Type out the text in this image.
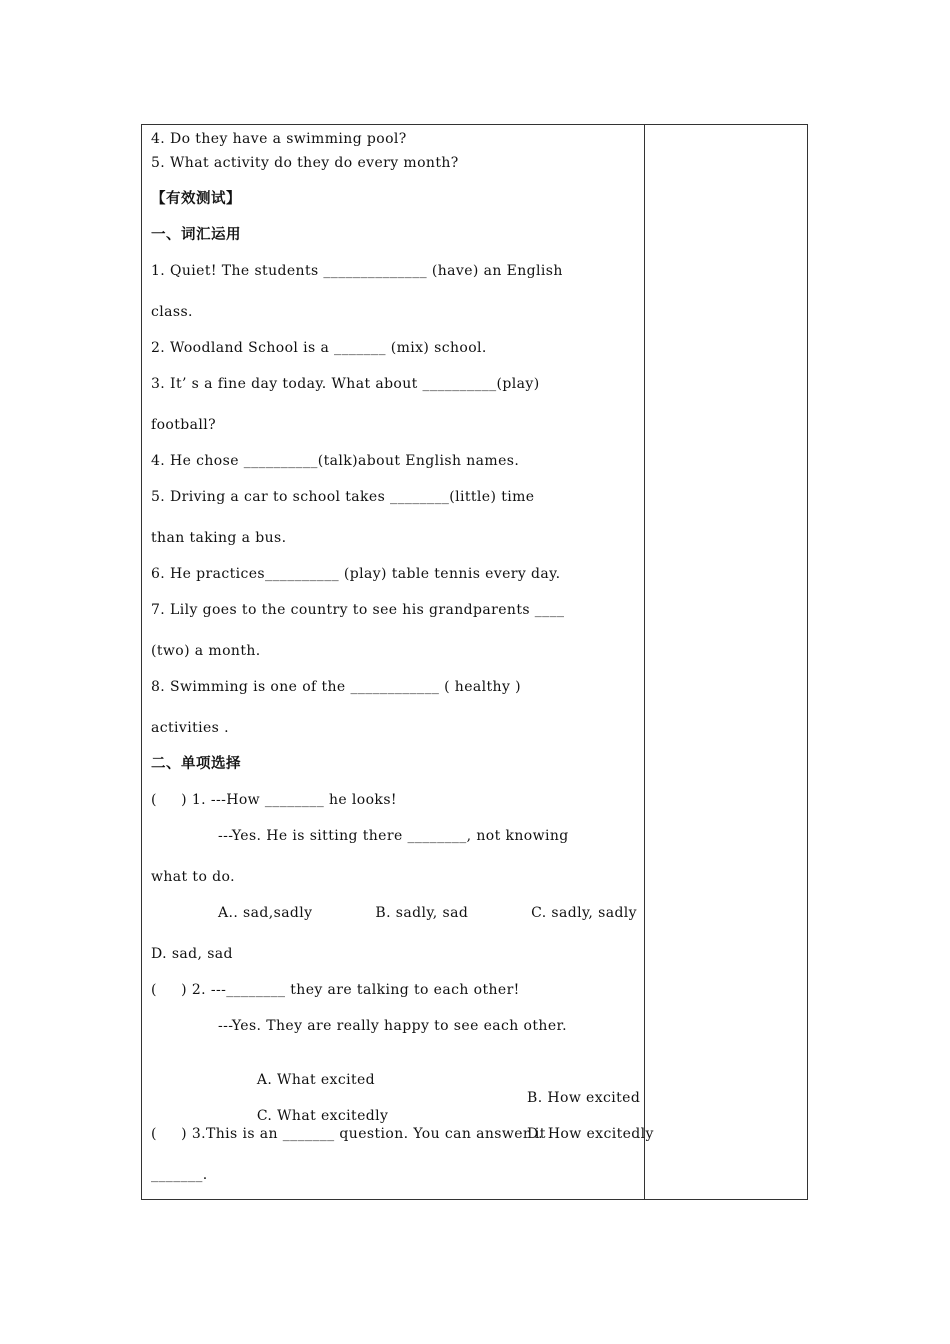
4. Do they have a swimming pool?
5. What activity do they do every month?
【有效测试】
一、词汇运用
1. Quiet! The students ______________ (have) an English
class.
2. Woodland School is a _______ (mix) school.
3. It’ s a fine day today. What about __________(play)
football?
4. He chose __________(talk)about English names.
5. Driving a car to school takes ________(little) time
than taking a bus.
6. He practices__________ (play) table tennis every day.
7. Lily goes to the country to see his grandparents ____
(two) a month.
8. Swimming is one of the ____________ ( healthy )
activities .
二、单项选择
(     ) 1. ---How ________ he looks!
---Yes. He is sitting there ________, not knowing
what to do.
A.. sad,sadly	B. sadly, sad	C. sadly, sadly
D. sad, sad
(     ) 2. ---________ they are talking to each other!
---Yes. They are really happy to see each other.

A. What excited

B. How excited

C. What excitedly

D. How excitedly

(     ) 3.This is an _______ question. You can answer it
_______.
